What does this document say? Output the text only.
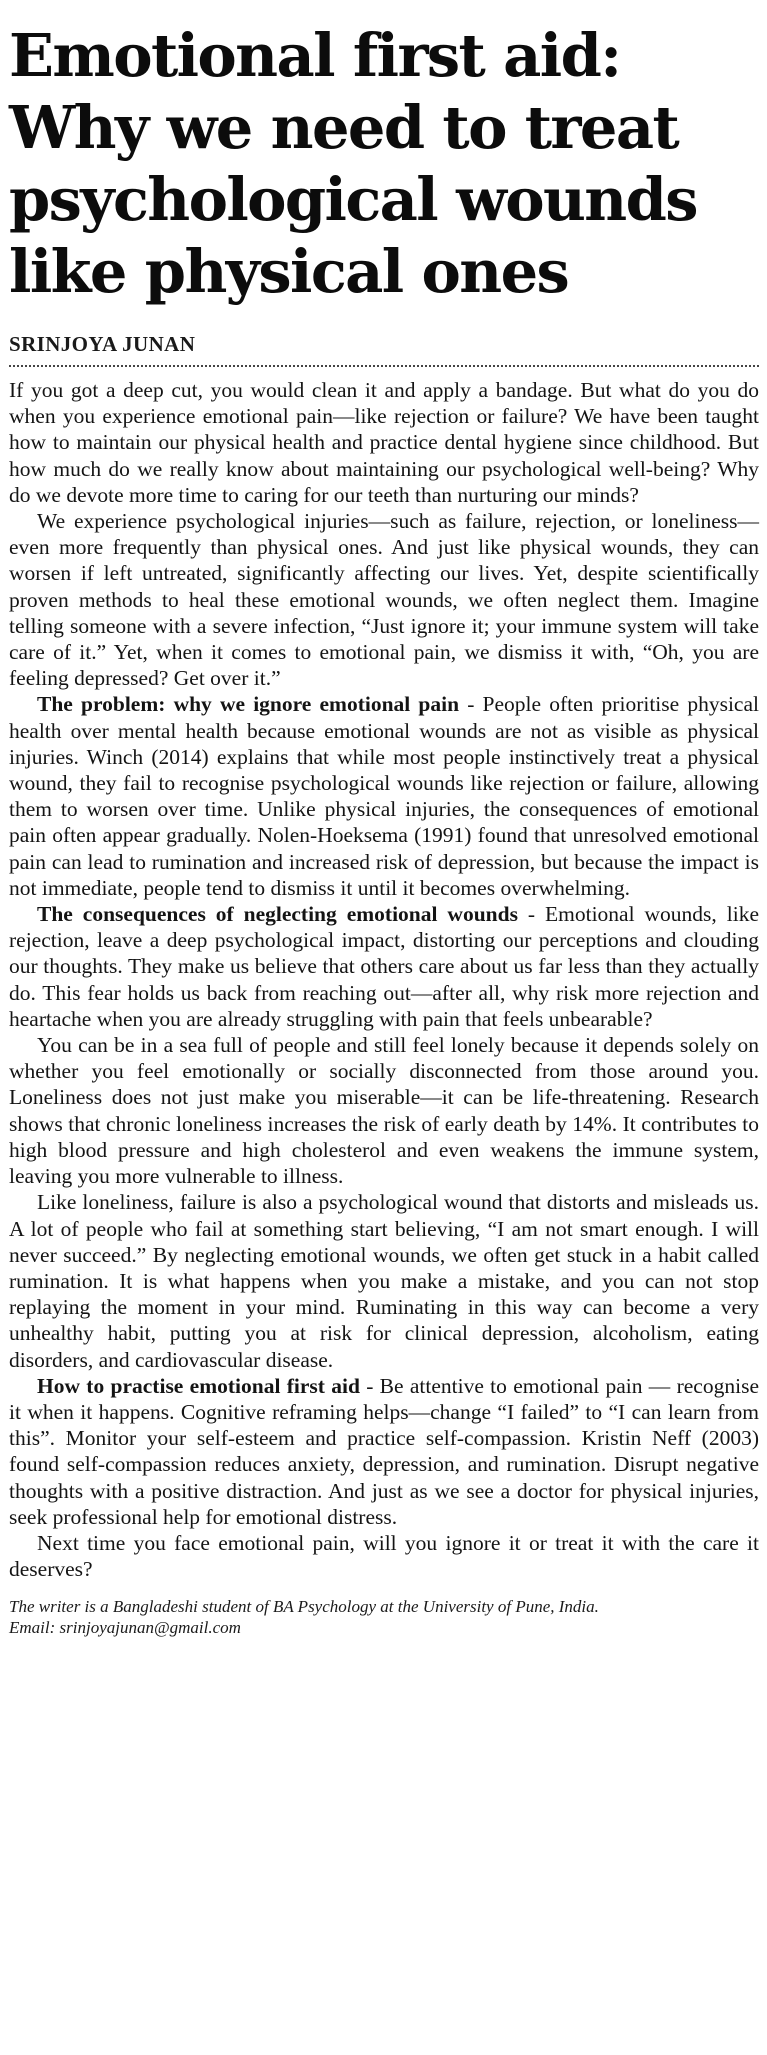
Emotional first aid:
Why we need to treat
psychological wounds
like physical ones
SRINJOYA JUNAN

If you got a deep cut, you would clean it and apply a bandage. But what do you do when you experience emotional pain—like rejection or failure? We have been taught how to maintain our physical health and practice dental hygiene since childhood. But how much do we really know about maintaining our psychological well-being? Why do we devote more time to caring for our teeth than nurturing our minds?

We experience psychological injuries—such as failure, rejection, or loneliness—even more frequently than physical ones. And just like physical wounds, they can worsen if left untreated, significantly affecting our lives. Yet, despite scientifically proven methods to heal these emotional wounds, we often neglect them. Imagine telling someone with a severe infection, “Just ignore it; your immune system will take care of it.” Yet, when it comes to emotional pain, we dismiss it with, “Oh, you are feeling depressed? Get over it.”

The problem: why we ignore emotional pain - People often prioritise physical health over mental health because emotional wounds are not as visible as physical injuries. Winch (2014) explains that while most people instinctively treat a physical wound, they fail to recognise psychological wounds like rejection or failure, allowing them to worsen over time. Unlike physical injuries, the consequences of emotional pain often appear gradually. Nolen-Hoeksema (1991) found that unresolved emotional pain can lead to rumination and increased risk of depression, but because the impact is not immediate, people tend to dismiss it until it becomes overwhelming.

The consequences of neglecting emotional wounds - Emotional wounds, like rejection, leave a deep psychological impact, distorting our perceptions and clouding our thoughts. They make us believe that others care about us far less than they actually do. This fear holds us back from reaching out—after all, why risk more rejection and heartache when you are already struggling with pain that feels unbearable?

You can be in a sea full of people and still feel lonely because it depends solely on whether you feel emotionally or socially disconnected from those around you. Loneliness does not just make you miserable—it can be life-threatening. Research shows that chronic loneliness increases the risk of early death by 14%. It contributes to high blood pressure and high cholesterol and even weakens the immune system, leaving you more vulnerable to illness.

Like loneliness, failure is also a psychological wound that distorts and misleads us. A lot of people who fail at something start believing, “I am not smart enough. I will never succeed.” By neglecting emotional wounds, we often get stuck in a habit called rumination. It is what happens when you make a mistake, and you can not stop replaying the moment in your mind. Ruminating in this way can become a very unhealthy habit, putting you at risk for clinical depression, alcoholism, eating disorders, and cardiovascular disease.

How to practise emotional first aid - Be attentive to emotional pain — recognise it when it happens. Cognitive reframing helps—change “I failed” to “I can learn from this”. Monitor your self-esteem and practice self-compassion. Kristin Neff (2003) found self-compassion reduces anxiety, depression, and rumination. Disrupt negative thoughts with a positive distraction. And just as we see a doctor for physical injuries, seek professional help for emotional distress.

Next time you face emotional pain, will you ignore it or treat it with the care it deserves?

The writer is a Bangladeshi student of BA Psychology at the University of Pune, India.
Email: srinjoyajunan@gmail.com
